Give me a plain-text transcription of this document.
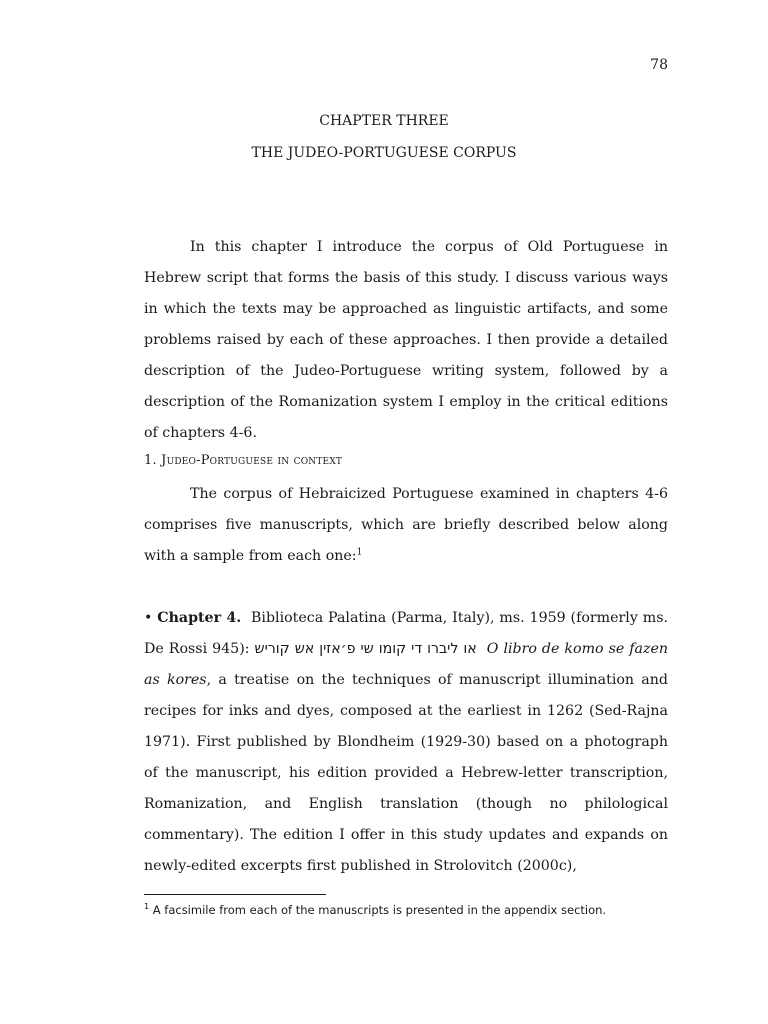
78
CHAPTER THREE
THE JUDEO-PORTUGUESE CORPUS

In this chapter I introduce the corpus of Old Portuguese in Hebrew script that forms the basis of this study. I discuss various ways in which the texts may be approached as linguistic artifacts, and some problems raised by each of these approaches. I then provide a detailed description of the Judeo-Portuguese writing system, followed by a description of the Romanization system I employ in the critical editions of chapters 4-6.

1. Judeo-Portuguese in context

The corpus of Hebraicized Portuguese examined in chapters 4-6 comprises five manuscripts, which are briefly described below along with a sample from each one:$^1$

• Chapter 4. Biblioteca Palatina (Parma, Italy), ms. 1959 (formerly ms. De Rossi 945): או ליברו די קומו שי פ׳אזין אש קוריש O libro de komo se fazen as kores, a treatise on the techniques of manuscript illumination and recipes for inks and dyes, composed at the earliest in 1262 (Sed-Rajna 1971). First published by Blondheim (1929-30) based on a photograph of the manuscript, his edition provided a Hebrew-letter transcription, Romanization, and English translation (though no philological commentary). The edition I offer in this study updates and expands on newly-edited excerpts first published in Strolovitch (2000c),

$^1$ A facsimile from each of the manuscripts is presented in the appendix section.
